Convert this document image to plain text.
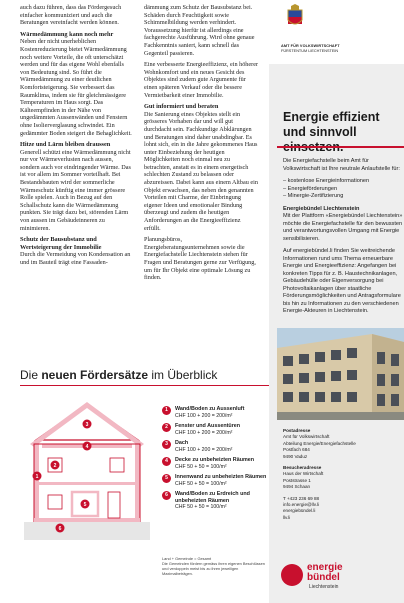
auch dazu führen, dass das Fördergesuch einfacher kommuniziert und auch die Beratungen vereinfacht werden können.

Wärmedämmung kann noch mehr

Neben der nicht unerheblichen Kostenreduzierung bietet Wärmedämmung noch weitere Vorteile, die oft unterschätzt werden und für das eigene Wohl ebenfalls von Bedeutung sind. So führt die Wärmedämmung zu einer deutlichen Komfortsteigerung. Sie verbessert das Raumklima, indem sie für gleichmässigere Temperaturen im Haus sorgt. Das Kälteempfinden in der Nähe von ungedämmten Aussenwänden und Fenstern ohne Isolierverglasung schwindet. Ein gedämmter Boden steigert die Behaglichkeit.

Hitze und Lärm bleiben draussen

Generell schützt eine Wärmedämmung nicht nur vor Wärmeverlusten nach aussen, sondern auch vor eindringender Wärme. Das ist vor allem im Sommer vorteilhaft. Bei Bestandsbauten wird der sommerliche Wärmeschutz künftig eine immer grössere Rolle spielen. Auch in Bezug auf den Schallschutz kann die Wärmedämmung punkten. Sie trägt dazu bei, störenden Lärm von aussen im Gebäudeinneren zu minimieren.

Schutz der Bausubstanz und Wertsteigerung der Immobilie

Durch die Vermeidung von Kondensation an und im Bauteil trägt eine Fassaden-

dämmung zum Schutz der Bausubstanz bei. Schäden durch Feuchtigkeit sowie Schimmelbildung werden verhindert. Voraussetzung hierfür ist allerdings eine fachgerechte Ausführung. Wird ohne genaue Fachkenntnis saniert, kann schnell das Gegenteil passieren.

Eine verbesserte Energieeffizienz, ein höherer Wohnkomfort und ein neues Gesicht des Objektes sind zudem gute Argumente für einen späteren Verkauf oder die bessere Vermietbarkeit einer Immobilie.

Gut informiert und beraten

Die Sanierung eines Objektes stellt ein grösseres Vorhaben dar und will gut durchdacht sein. Fachkundige Abklärungen und Beratungen sind daher unabdingbar. Es lohnt sich, ein in die Jahre gekommenes Haus unter Einbeziehung der heutigen Möglichkeiten noch einmal neu zu betrachten, anstatt es in einem energetisch schlechten Zustand zu belassen oder abzureissen. Dabei kann aus einem Altbau ein Objekt erwachsen, das neben den genannten Vorteilen mit Charme, der Einbringung eigener Ideen und emotionaler Bindung überzeugt und zudem die heutigen Anforderungen an die Energieeffizienz erfüllt.

Planungsbüros, Energieberatungsunternehmen sowie die Energiefachstelle Liechtenstein stehen für Fragen und Beratungen gerne zur Verfügung, um für Ihr Objekt eine optimale Lösung zu finden.

Die neuen Fördersätze im Überblick
3
4
2
1
5
6
1	Wand/Boden zu Aussenluft
CHF 100 + 200 = 200/m²
2	Fenster und Aussentüren
CHF 100 + 200 = 200/m²
3	Dach
CHF 100 + 200 = 200/m²
4	Decke zu unbeheizten Räumen
CHF 50 + 50 = 100/m²
5	Innenwand zu unbeheizten Räumen
CHF 50 + 50 = 100/m²
6	Wand/Boden zu Erdreich und unbeheizten Räumen
CHF 50 + 50 = 100/m²
Land + Gemeinde = Gesamt
Die Gemeinden fördern gemäss ihren eigenen Beschlüssen und verdoppeln meist bis zu ihren jeweiligen Maximalbeträgen.
AMT FÜR VOLKSWIRTSCHAFT
FÜRSTENTUM LIECHTENSTEIN
Energie effizient und sinnvoll

Die Energiefachstelle beim Amt für Volkswirtschaft ist Ihre neutrale Anlaufstelle für:

– kostenlose Energieinformationen
– Energieförderungen
– Minergie-Zertifizierung
Energiebündel Liechtenstein

Mit der Plattform «Energiebündel Liechtenstein» möchte die Energiefachstelle für den bewussten und verantwortungsvollen Umgang mit Energie sensibilisieren.

Auf energiebündel.li finden Sie weitreichende Informationen rund ums Thema erneuerbare Energie und Energieeffizienz: Angefangen bei konkreten Tipps für z. B. Haustechnikanlagen, Gebäudehülle oder Eigenversorgung bei Photovoltaikanlagen über staatliche Förderungsmöglichkeiten und Antragsformulare bis hin zu Informationen zu den verschiedenen Energie-Akteuren in Liechtenstein.

Postadresse
Amt für Volkswirtschaft
Abteilung Energie/Energiefachstelle
Postfach 684
9490 Vaduz
Besucheradresse
Haus der Wirtschaft
Poststrasse 1
9494 Schaan
T +423 236 69 88
info.energie@llv.li
energiebündel.li
llv.li
energie
bündel
Liechtenstein
